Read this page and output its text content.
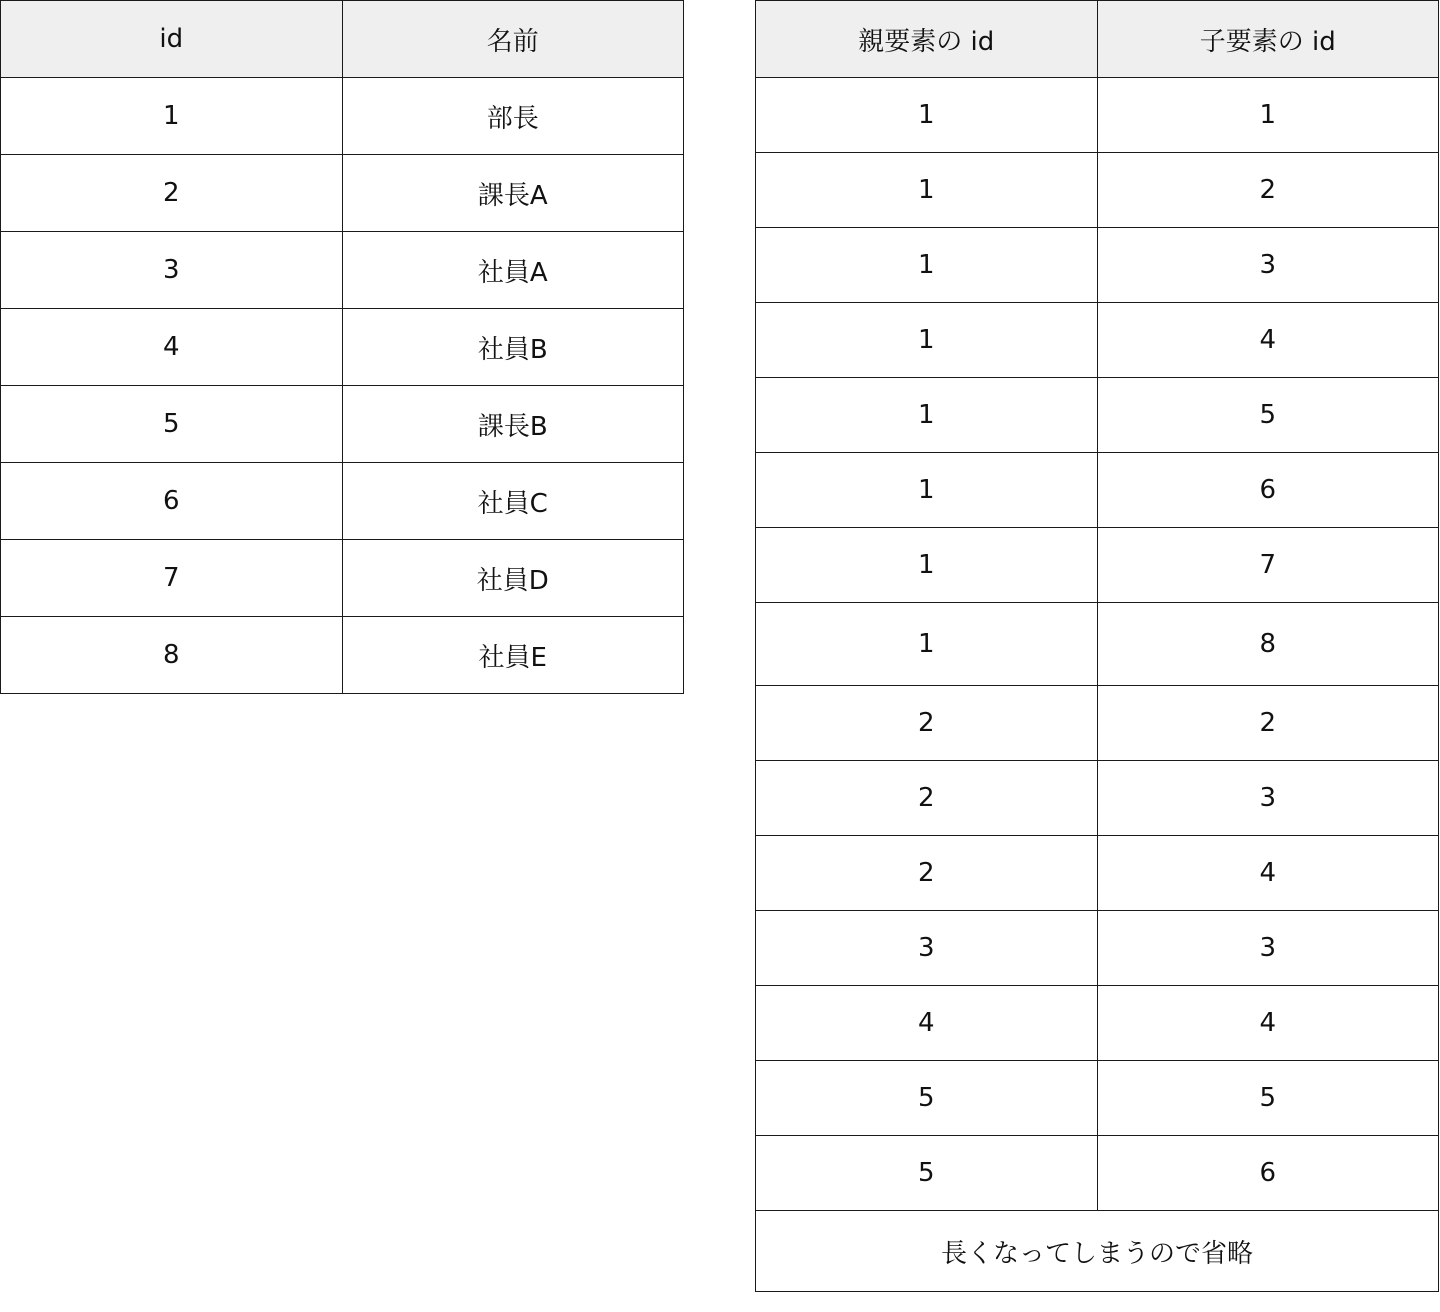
id	名前
1	部長
2	課長A
3	社員A
4	社員B
5	課長B
6	社員C
7	社員D
8	社員E
親要素の id	子要素の id
1	1
1	2
1	3
1	4
1	5
1	6
1	7
1	8
2	2
2	3
2	4
3	3
4	4
5	5
5	6
長くなってしまうので省略	
